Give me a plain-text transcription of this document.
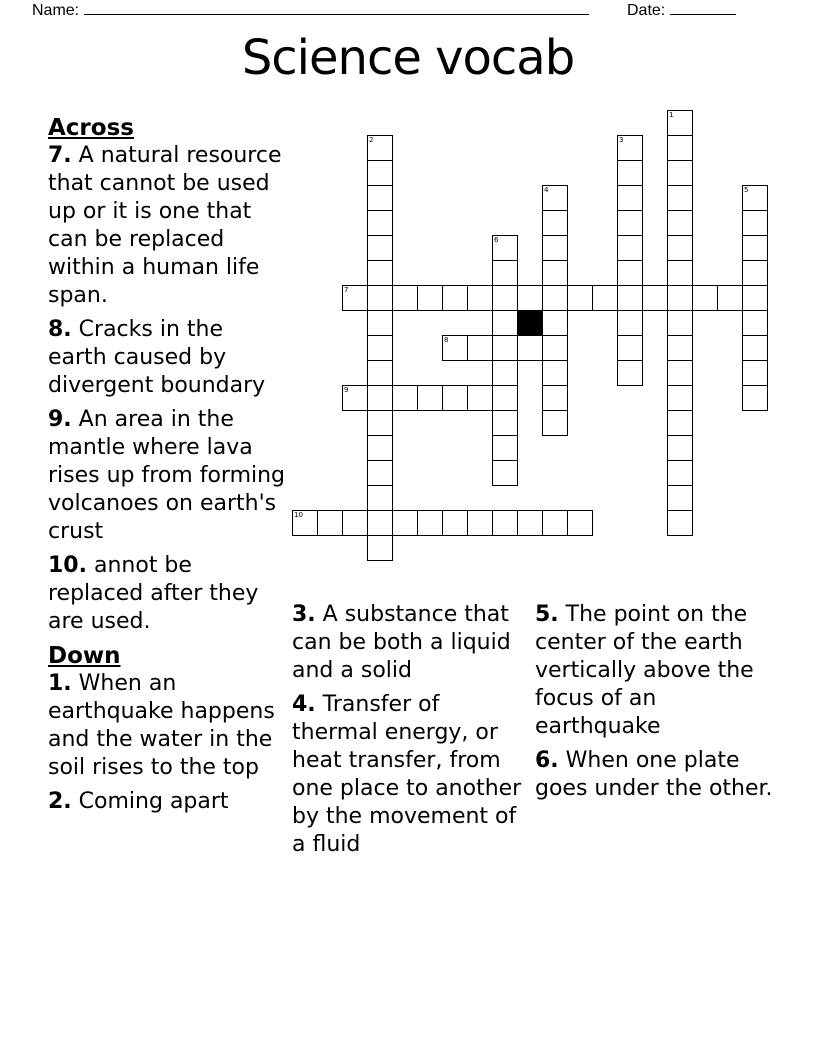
Name:	Date:
Science vocab
1
2	3
4	5
6
7
8
9
10
Across

7. A natural resource that cannot be used up or it is one that can be replaced within a human life span.

8. Cracks in the earth caused by divergent boundary

9. An area in the mantle where lava rises up from forming volcanoes on earth's crust

10. annot be replaced after they are used.

Down

1. When an earthquake happens and the water in the soil rises to the top

2. Coming apart

3. A substance that can be both a liquid and a solid

4. Transfer of thermal energy, or heat transfer, from one place to another by the movement of a fluid

5. The point on the center of the earth vertically above the focus of an earthquake

6. When one plate goes under the other.
